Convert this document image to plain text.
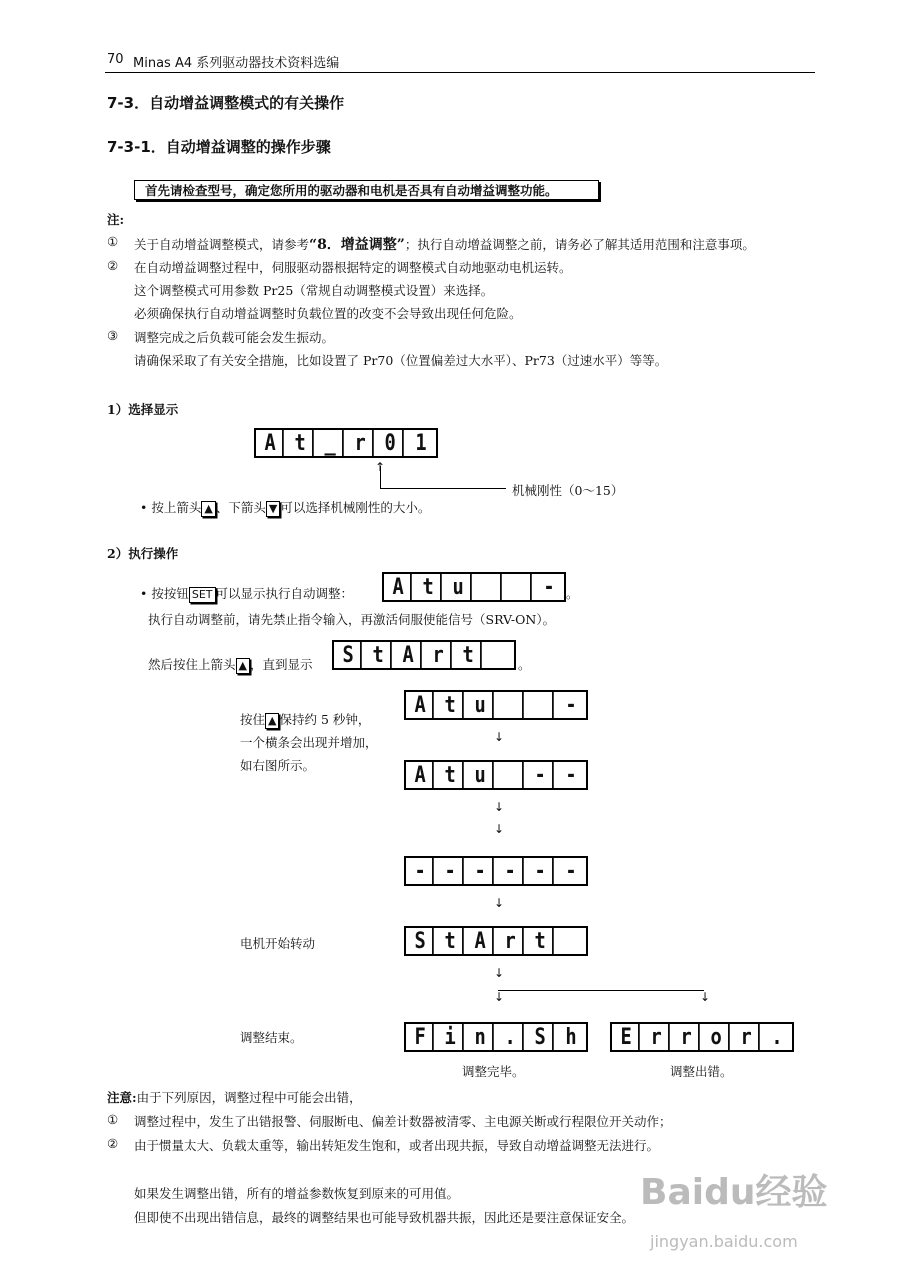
70 Minas A4 系列驱动器技术资料选编
7-3．自动增益调整模式的有关操作
7-3-1．自动增益调整的操作步骤
首先请检查型号，确定您所用的驱动器和电机是否具有自动增益调整功能。
注:
① 关于自动增益调整模式，请参考“8．增益调整”；执行自动增益调整之前，请务必了解其适用范围和注意事项。
② 在自动增益调整过程中，伺服驱动器根据特定的调整模式自动地驱动电机运转。
这个调整模式可用参数 Pr25（常规自动调整模式设置）来选择。
必须确保执行自动增益调整时负载位置的改变不会导致出现任何危险。
③ 调整完成之后负载可能会发生振动。
请确保采取了有关安全措施，比如设置了 Pr70（位置偏差过大水平）、Pr73（过速水平）等等。
1）选择显示
A t _ r 0 1
↑
机械刚性（0～15）
• 按上箭头 ▲ 、下箭头 ▼ 可以选择机械刚性的大小。
2）执行操作
• 按按钮 SET 可以显示执行自动调整： A t u	- 。
执行自动调整前，请先禁止指令输入，再激活伺服使能信号（SRV-ON）。
然后按住上箭头 ▲ ，直到显示 S t A r t	。
按住 ▲ 保持约 5 秒钟，
一个横条会出现并增加，
如右图所示。
A t u	-
↓
A t u	- -
↓
↓
- - - - - -
↓
电机开始转动	S t A r t
↓
↓	↓
调整结束。	F i n . S h	E r r o r .
调整完毕。	调整出错。
注意:由于下列原因，调整过程中可能会出错，
① 调整过程中，发生了出错报警、伺服断电、偏差计数器被清零、主电源关断或行程限位开关动作；
② 由于惯量太大、负载太重等，输出转矩发生饱和，或者出现共振，导致自动增益调整无法进行。
如果发生调整出错，所有的增益参数恢复到原来的可用值。
但即使不出现出错信息，最终的调整结果也可能导致机器共振，因此还是要注意保证安全。
Baidu经验
jingyan.baidu.com
